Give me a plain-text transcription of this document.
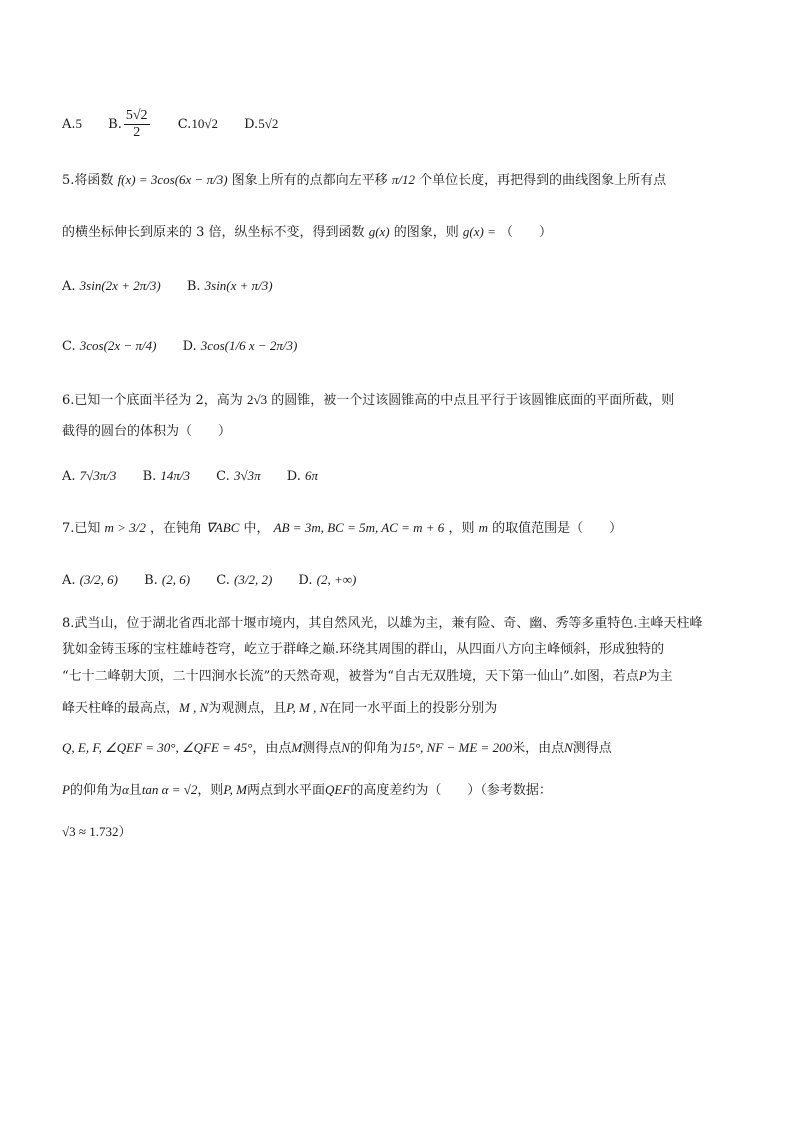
A.5 B. $\frac{5√2}{2} C.10√2$ D.5√2
5.将函数 f(x) = 3cos(6x − π/3) 图象上所有的点都向左平移 π/12 个单位长度，再把得到的曲线图象上所有点
的横坐标伸长到原来的 3 倍，纵坐标不变，得到函数 g(x) 的图象，则 g(x) = （　　）
A. 3sin(2x + 2π/3) B. 3sin(x + π/3)
C. 3cos(2x − π/4) D. 3cos(1/6 x − 2π/3)
6.已知一个底面半径为 2，高为 2√3 的圆锥，被一个过该圆锥高的中点且平行于该圆锥底面的平面所截，则
截得的圆台的体积为（　　）
A. 7√3π/3 B. 14π/3 C. 3√3π D. 6π
7.已知 m > 3/2 ，在钝角 ∇ABC 中， AB = 3m, BC = 5m, AC = m + 6 ，则 m 的取值范围是（　　）
A. (3/2, 6) B. (2, 6) C. (3/2, 2) D. (2, +∞)
8.武当山，位于湖北省西北部十堰市境内，其自然风光，以雄为主，兼有险、奇、幽、秀等多重特色.主峰天柱峰
犹如金铸玉琢的宝柱雄峙苍穹，屹立于群峰之巅.环绕其周围的群山，从四面八方向主峰倾斜，形成独特的
“七十二峰朝大顶，二十四涧水长流”的天然奇观，被誉为“自古无双胜境，天下第一仙山”.如图，若点P为主
峰天柱峰的最高点，M , N为观测点，且P, M , N在同一水平面上的投影分别为
Q, E, F, ∠QEF = 30°, ∠QFE = 45°，由点M测得点N的仰角为15°, NF − ME = 200米，由点N测得点
P的仰角为α且tan α = √2，则P, M两点到水平面QEF的高度差约为（　　）（参考数据：
√3 ≈ 1.732）
